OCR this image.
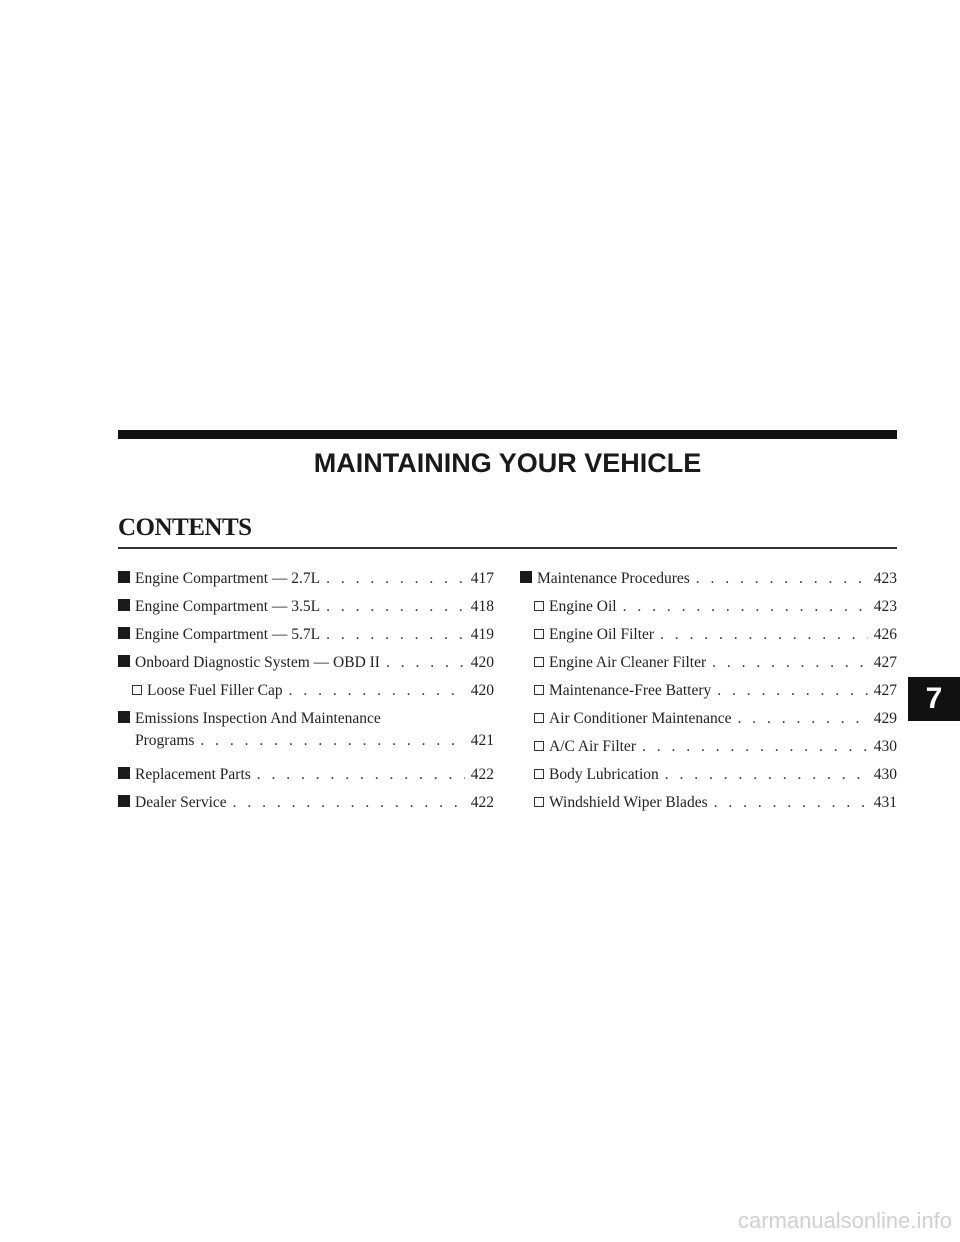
MAINTAINING YOUR VEHICLE
CONTENTS
Engine Compartment — 2.7L . . .	417
Engine Compartment — 3.5L . . .	418
Engine Compartment — 5.7L . . .	419
Onboard Diagnostic System — OBD II . . .	420
Loose Fuel Filler Cap . . .	420
Emissions Inspection And Maintenance
Programs . . .	421
Replacement Parts . . .	422
Dealer Service . . .	422
Maintenance Procedures . . .	423
Engine Oil . . .	423
Engine Oil Filter . . .	426
Engine Air Cleaner Filter . . .	427
Maintenance-Free Battery . . .	427
Air Conditioner Maintenance . . .	429
A/C Air Filter . . .	430
Body Lubrication . . .	430
Windshield Wiper Blades . . .	431
7
carmanualsonline.info
